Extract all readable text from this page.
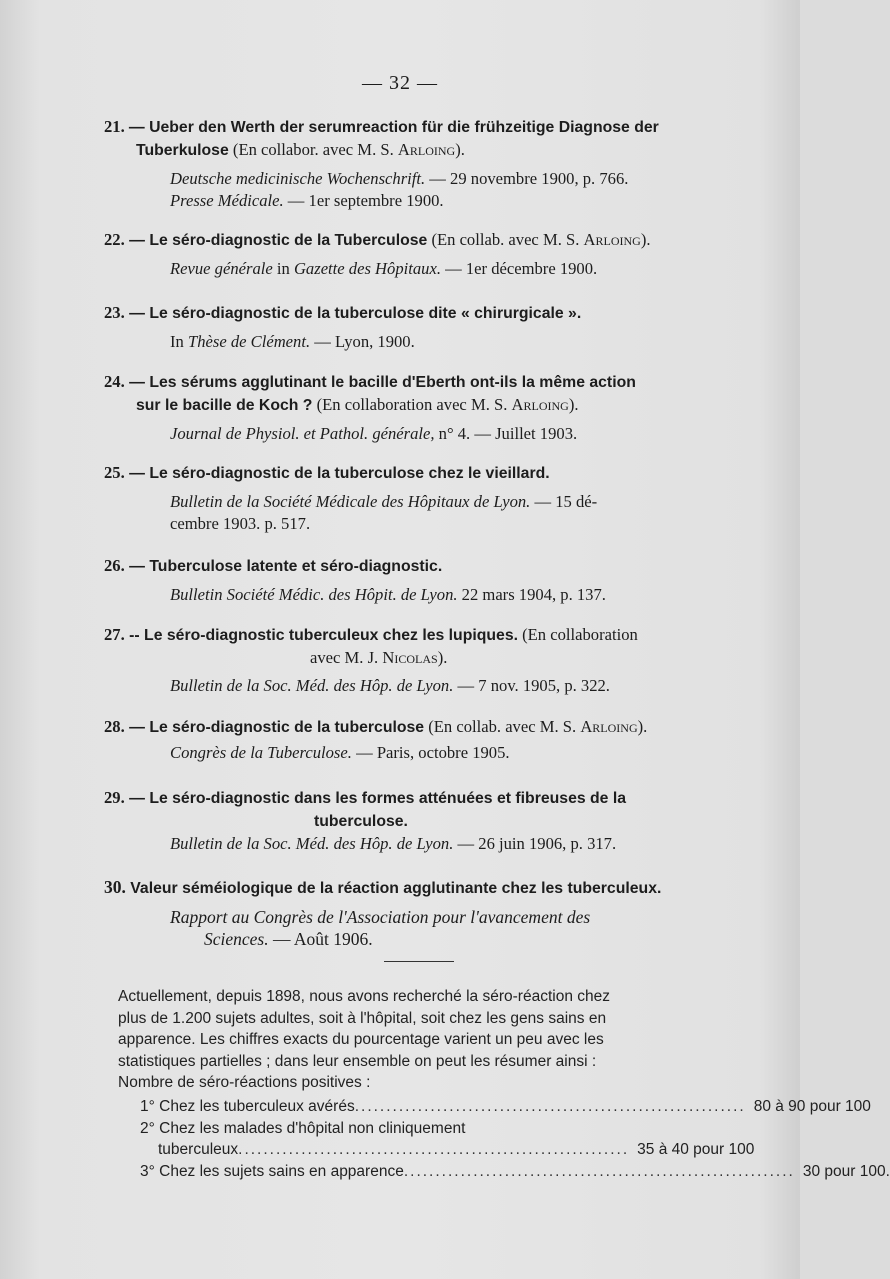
— 32 —
21. — Ueber den Werth der serumreaction für die frühzeitige Diagnose der
Tuberkulose (En collabor. avec M. S. Arloing).
Deutsche medicinische Wochenschrift. — 29 novembre 1900, p. 766.
Presse Médicale. — 1er septembre 1900.
22. — Le séro-diagnostic de la Tuberculose (En collab. avec M. S. Arloing).
Revue générale in Gazette des Hôpitaux. — 1er décembre 1900.
23. — Le séro-diagnostic de la tuberculose dite « chirurgicale ».
In Thèse de Clément. — Lyon, 1900.
24. — Les sérums agglutinant le bacille d'Eberth ont-ils la même action
sur le bacille de Koch ? (En collaboration avec M. S. Arloing).
Journal de Physiol. et Pathol. générale, n° 4. — Juillet 1903.
25. — Le séro-diagnostic de la tuberculose chez le vieillard.
Bulletin de la Société Médicale des Hôpitaux de Lyon. — 15 dé-
cembre 1903. p. 517.
26. — Tuberculose latente et séro-diagnostic.
Bulletin Société Médic. des Hôpit. de Lyon. 22 mars 1904, p. 137.
27. -- Le séro-diagnostic tuberculeux chez les lupiques. (En collaboration
avec M. J. Nicolas).
Bulletin de la Soc. Méd. des Hôp. de Lyon. — 7 nov. 1905, p. 322.
28. — Le séro-diagnostic de la tuberculose (En collab. avec M. S. Arloing).
Congrès de la Tuberculose. — Paris, octobre 1905.
29. — Le séro-diagnostic dans les formes atténuées et fibreuses de la
tuberculose.
Bulletin de la Soc. Méd. des Hôp. de Lyon. — 26 juin 1906, p. 317.
30. Valeur séméiologique de la réaction agglutinante chez les tuberculeux.
Rapport au Congrès de l'Association pour l'avancement des
Sciences. — Août 1906.
Actuellement, depuis 1898, nous avons recherché la séro-réaction chez
plus de 1.200 sujets adultes, soit à l'hôpital, soit chez les gens sains en
apparence. Les chiffres exacts du pourcentage varient un peu avec les
statistiques partielles ; dans leur ensemble on peut les résumer ainsi :
Nombre de séro-réactions positives :
1° Chez les tuberculeux avérés .............................................................. 80 à 90 pour 100
2° Chez les malades d'hôpital non cliniquement
tuberculeux .............................................................. 35 à 40 pour 100
3° Chez les sujets sains en apparence .............................................................. 30 pour 100.
